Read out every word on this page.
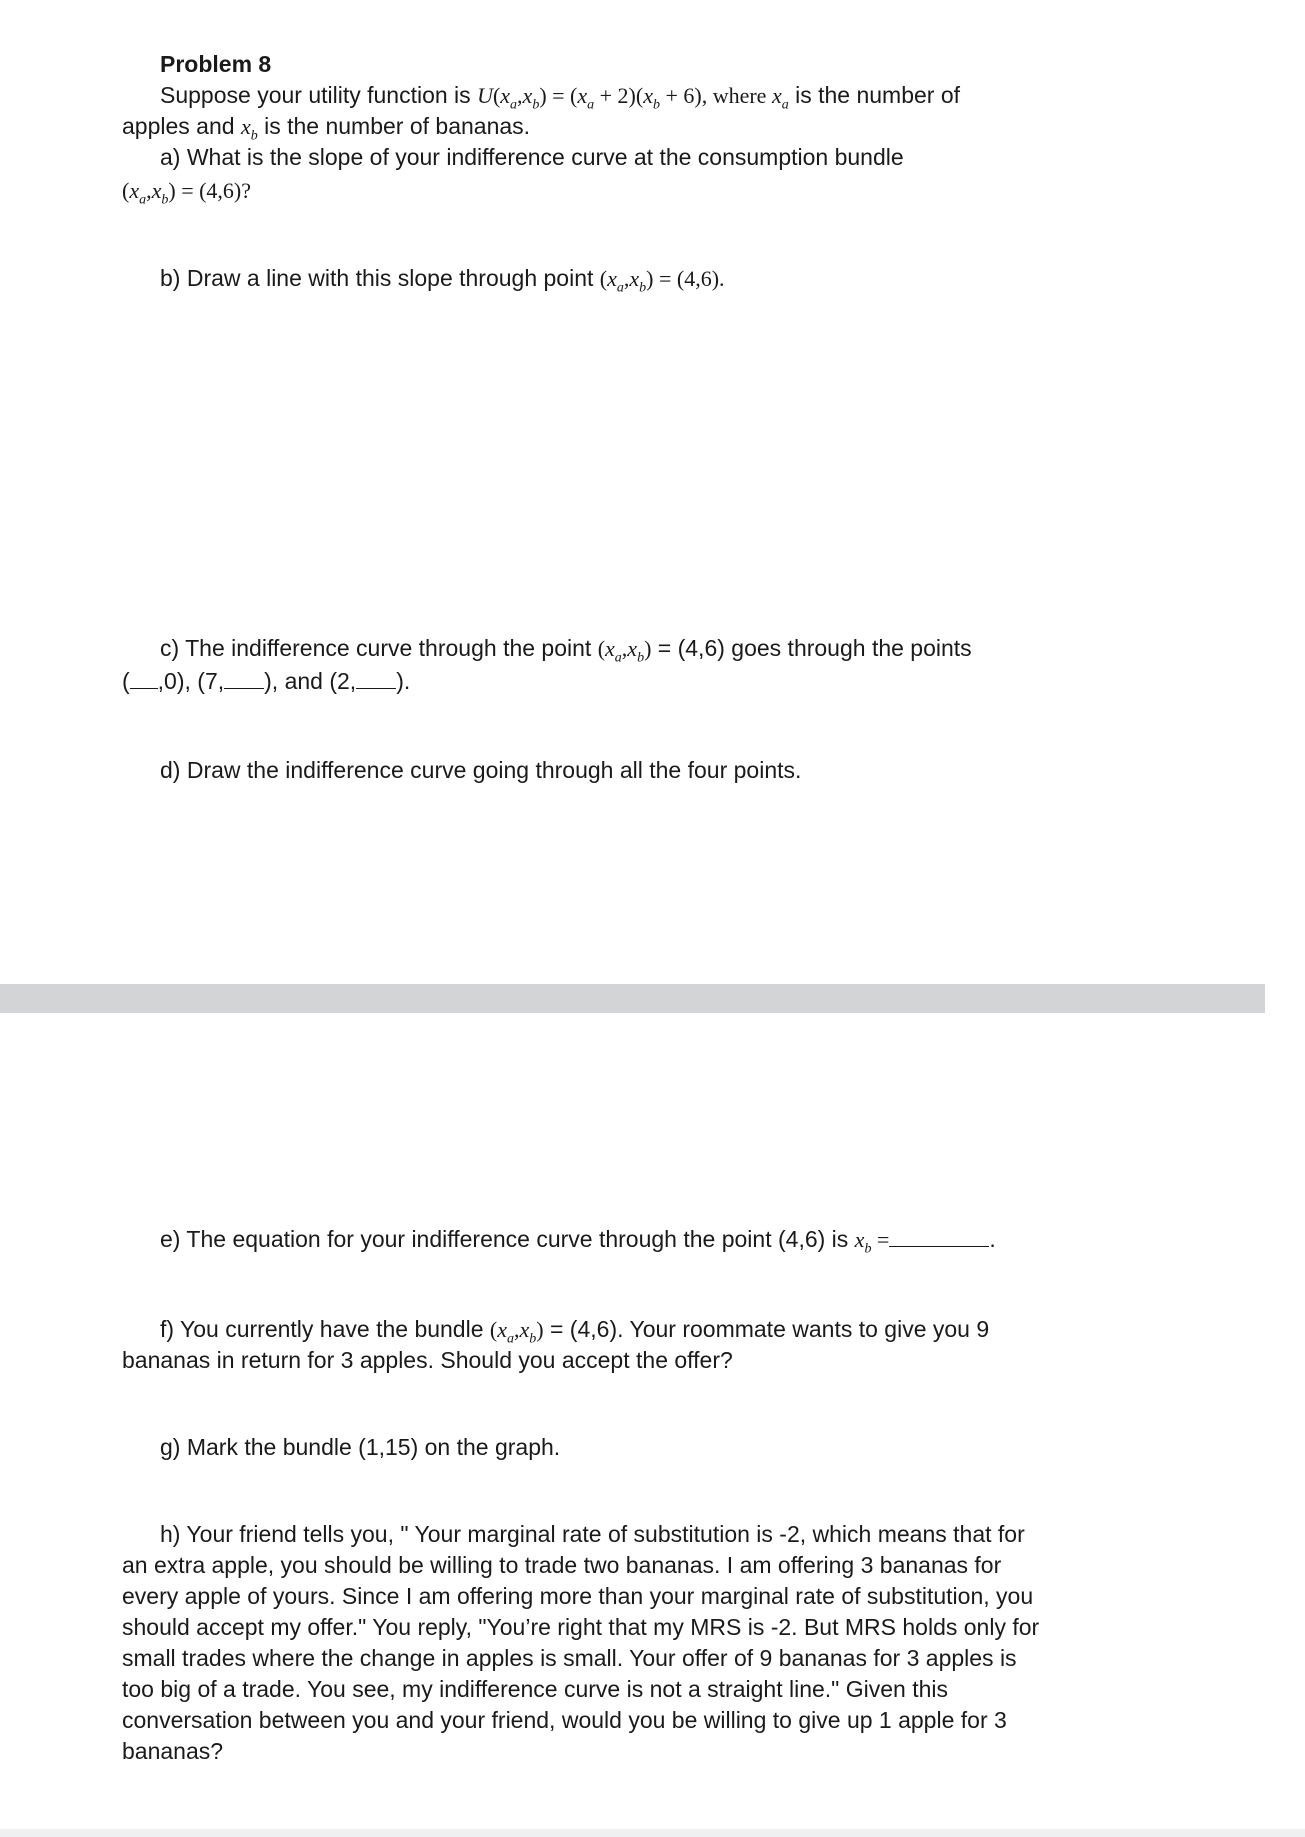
Problem 8
Suppose your utility function is $U(x_a,x_b) = (x_a + 2)(x_b + 6)$, where $x_a$ is the number of
apples and $x_b$ is the number of bananas.
a) What is the slope of your indifference curve at the consumption bundle
$(x_a,x_b) = (4,6)$?
b) Draw a line with this slope through point $(x_a,x_b) = (4,6)$.
c) The indifference curve through the point $(x_a,x_b) = (4,6)$ goes through the points
( ,0), (7, ), and (2, ).
d) Draw the indifference curve going through all the four points.
e) The equation for your indifference curve through the point (4,6) is $x_b$ =	.
f) You currently have the bundle $(x_a,x_b) = (4,6)$. Your roommate wants to give you 9
bananas in return for 3 apples. Should you accept the offer?
g) Mark the bundle (1,15) on the graph.
h) Your friend tells you, " Your marginal rate of substitution is -2, which means that for
an extra apple, you should be willing to trade two bananas. I am offering 3 bananas for
every apple of yours. Since I am offering more than your marginal rate of substitution, you
should accept my offer." You reply, "You’re right that my MRS is -2. But MRS holds only for
small trades where the change in apples is small. Your offer of 9 bananas for 3 apples is
too big of a trade. You see, my indifference curve is not a straight line." Given this
conversation between you and your friend, would you be willing to give up 1 apple for 3
bananas?
